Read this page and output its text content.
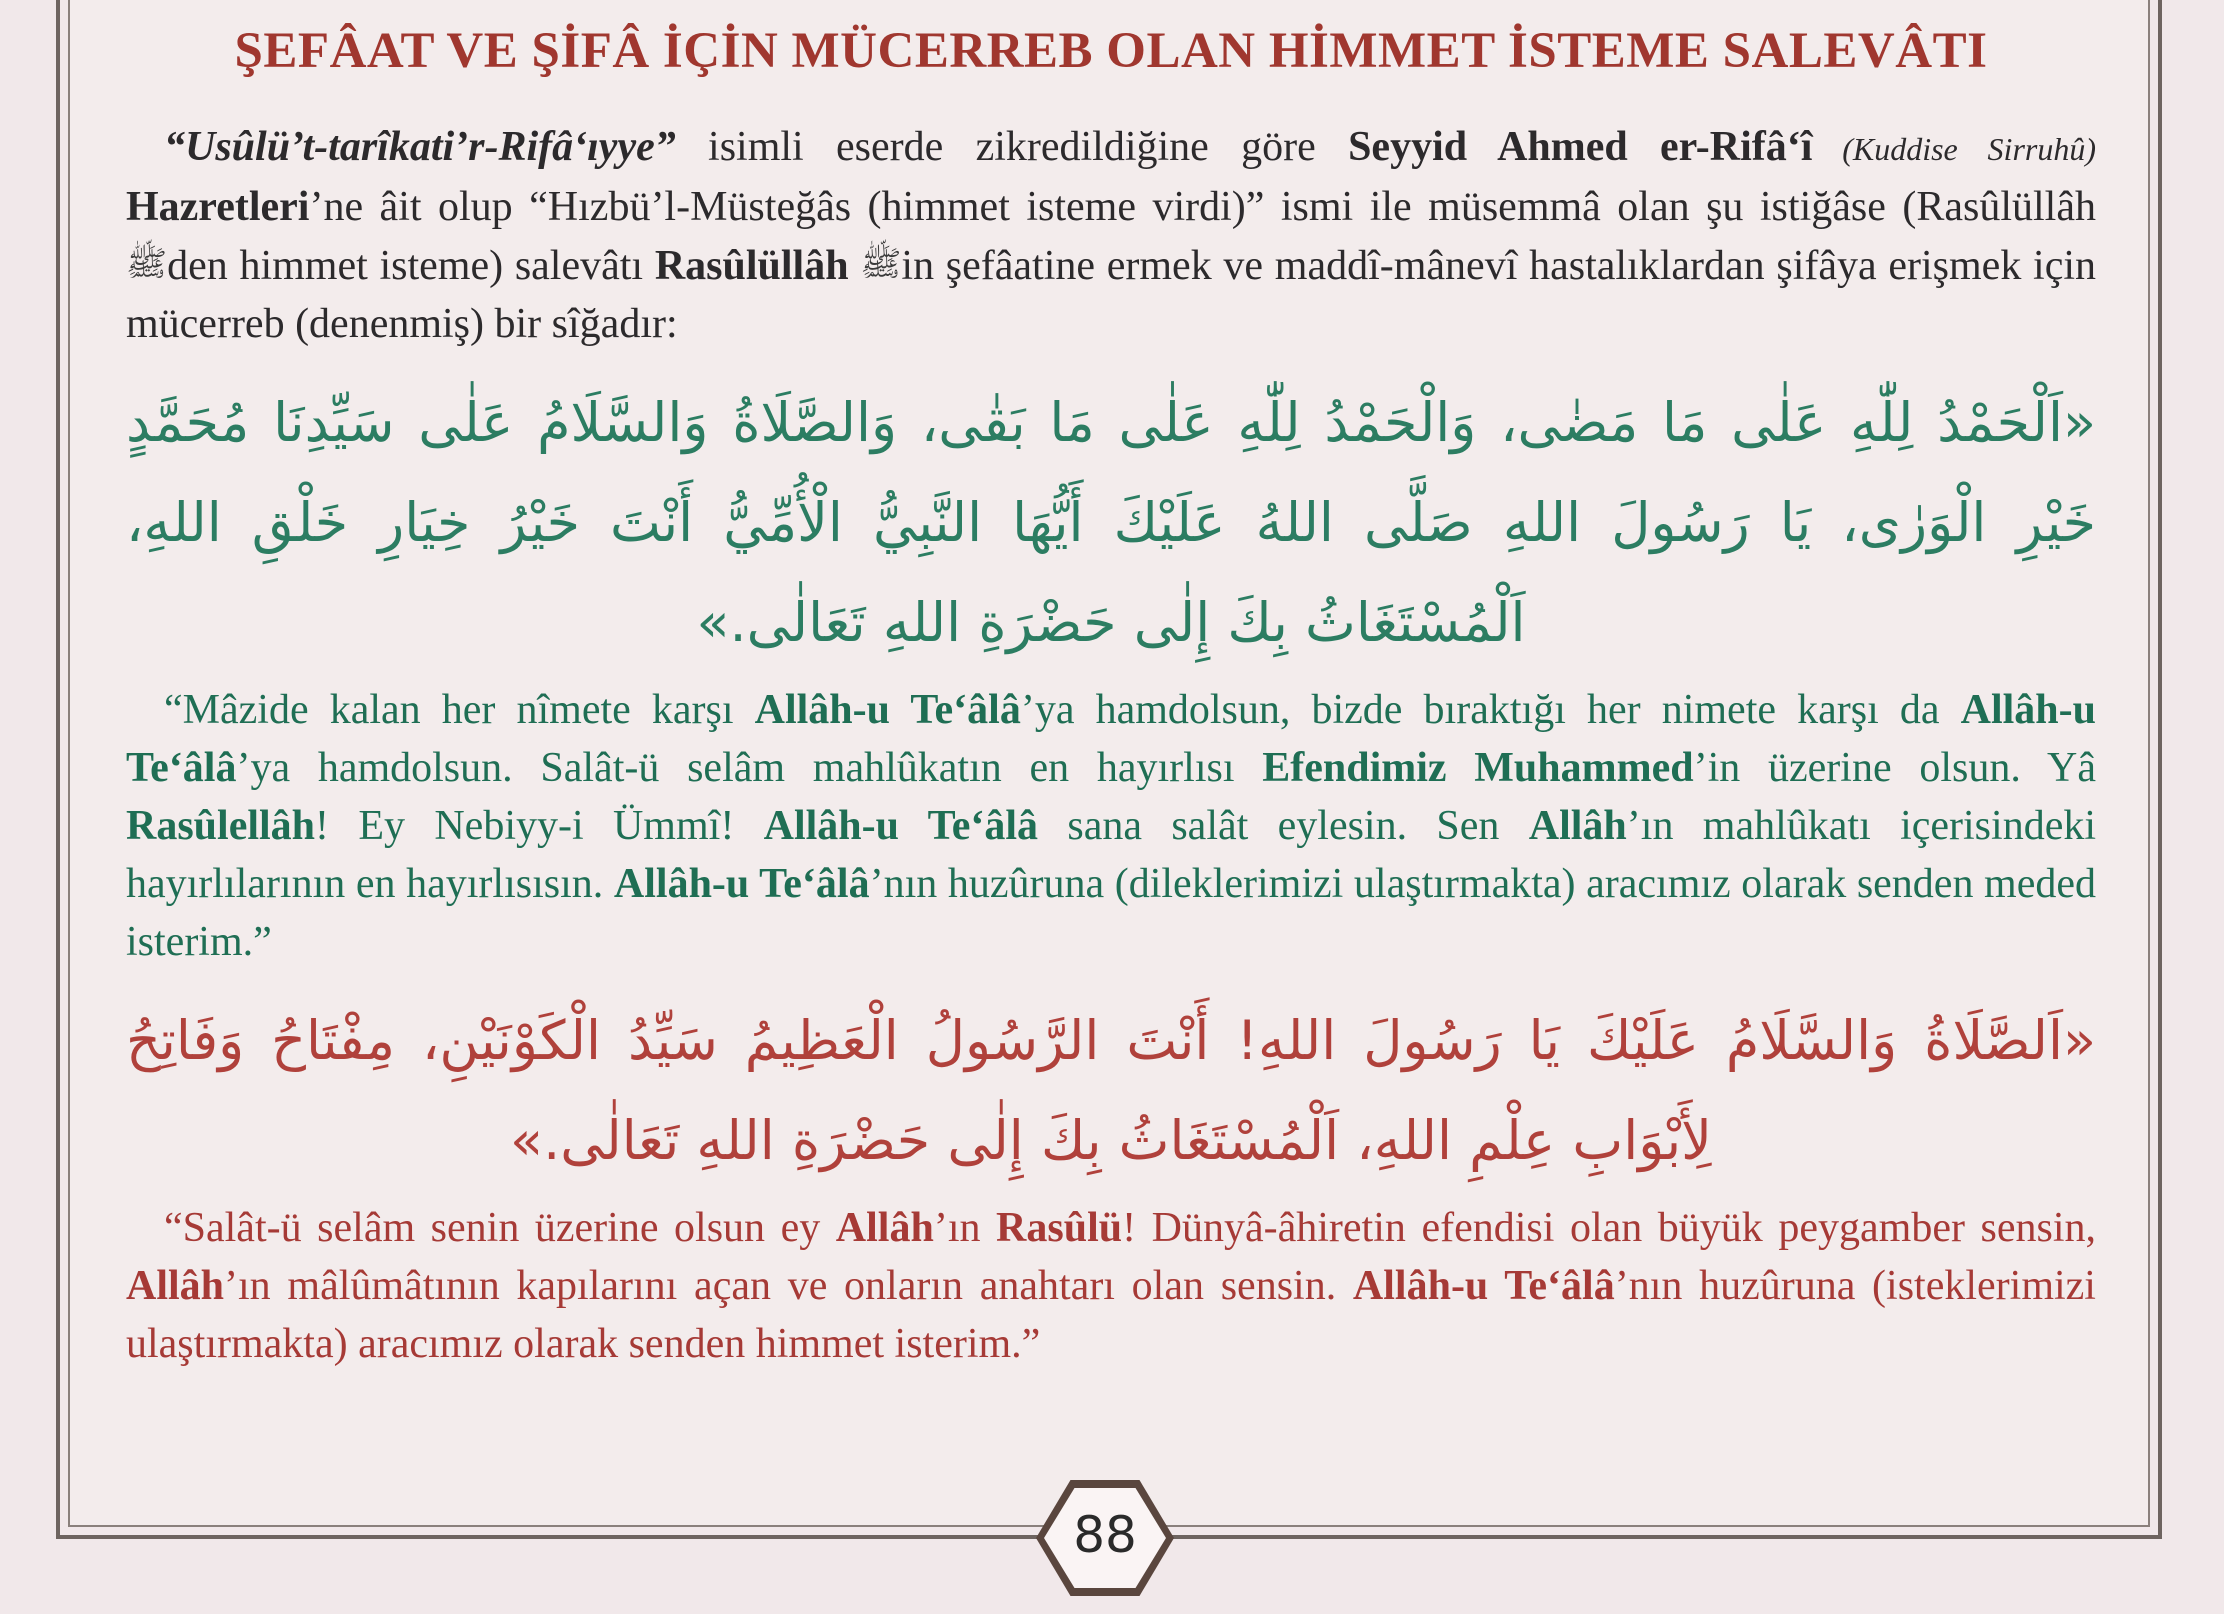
ŞEFÂAT VE ŞİFÂ İÇİN MÜCERREB OLAN HİMMET İSTEME SALEVÂTI

“Usûlü’t-tarîkati’r-Rifâ‘ıyye” isimli eserde zikredildiğine göre Seyyid Ahmed er-Rifâ‘î (Kuddise Sirruhû) Hazretleri’ne âit olup “Hızbü’l-Müsteğâs (himmet isteme virdi)” ismi ile müsemmâ olan şu istiğâse (Rasûlüllâh ﷺden himmet isteme) salevâtı Rasûlüllâh ﷺin şefâatine ermek ve maddî-mânevî hastalıklardan şifâya erişmek için mücerreb (denenmiş) bir sîğadır:

«اَلْحَمْدُ لِلّٰهِ عَلٰى مَا مَضٰى، وَالْحَمْدُ لِلّٰهِ عَلٰى مَا بَقٰى، وَالصَّلَاةُ وَالسَّلَامُ عَلٰى سَيِّدِنَا مُحَمَّدٍ خَيْرِ الْوَرٰى، يَا رَسُولَ اللهِ صَلَّى اللهُ عَلَيْكَ أَيُّهَا النَّبِيُّ الْأُمِّيُّ أَنْتَ خَيْرُ خِيَارِ خَلْقِ اللهِ، اَلْمُسْتَغَاثُ بِكَ إِلٰى حَضْرَةِ اللهِ تَعَالٰى.»

“Mâzide kalan her nîmete karşı Allâh-u Te‘âlâ’ya hamdolsun, bizde bıraktığı her nimete karşı da Allâh-u Te‘âlâ’ya hamdolsun. Salât-ü selâm mahlûkatın en hayırlısı Efendimiz Muhammed’in üzerine olsun. Yâ Rasûlellâh! Ey Nebiyy-i Ümmî! Allâh-u Te‘âlâ sana salât eylesin. Sen Allâh’ın mahlûkatı içerisindeki hayırlılarının en hayırlısısın. Allâh-u Te‘âlâ’nın huzûruna (dileklerimizi ulaştırmakta) aracımız olarak senden meded isterim.”

«اَلصَّلَاةُ وَالسَّلَامُ عَلَيْكَ يَا رَسُولَ اللهِ! أَنْتَ الرَّسُولُ الْعَظِيمُ سَيِّدُ الْكَوْنَيْنِ، مِفْتَاحُ وَفَاتِحُ لِأَبْوَابِ عِلْمِ اللهِ، اَلْمُسْتَغَاثُ بِكَ إِلٰى حَضْرَةِ اللهِ تَعَالٰى.»

“Salât-ü selâm senin üzerine olsun ey Allâh’ın Rasûlü! Dünyâ-âhiretin efendisi olan büyük peygamber sensin, Allâh’ın mâlûmâtının kapılarını açan ve onların anahtarı olan sensin. Allâh-u Te‘âlâ’nın huzûruna (isteklerimizi ulaştırmakta) aracımız olarak senden himmet isterim.”

88
